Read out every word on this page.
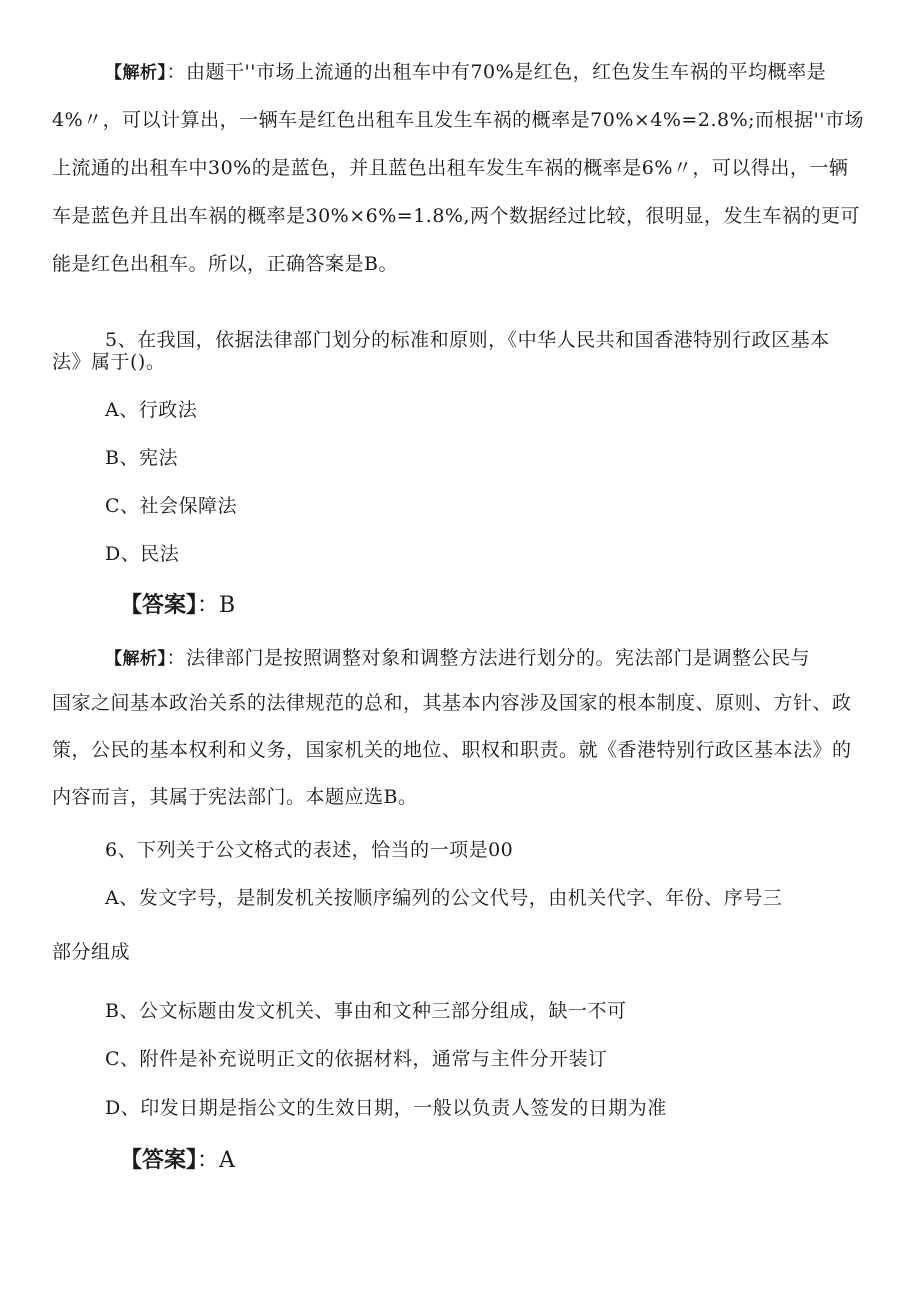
【解析】：由题干''市场上流通的出租车中有70%是红色，红色发生车祸的平均概率是
4%〃，可以计算出，一辆车是红色出租车且发生车祸的概率是70%×4%=2.8%;而根据''市场
上流通的出租车中30%的是蓝色，并且蓝色出租车发生车祸的概率是6%〃，可以得出，一辆
车是蓝色并且出车祸的概率是30%×6%=1.8%,两个数据经过比较，很明显，发生车祸的更可
能是红色出租车。所以，正确答案是B。
5、在我国，依据法律部门划分的标准和原则，《中华人民共和国香港特别行政区基本
法》属于()。
A、行政法
B、宪法
C、社会保障法
D、民法
【答案】：B
【解析】：法律部门是按照调整对象和调整方法进行划分的。宪法部门是调整公民与
国家之间基本政治关系的法律规范的总和，其基本内容涉及国家的根本制度、原则、方针、政
策，公民的基本权利和义务，国家机关的地位、职权和职责。就《香港特别行政区基本法》的
内容而言，其属于宪法部门。本题应选B。
6、下列关于公文格式的表述，恰当的一项是00
A、发文字号，是制发机关按顺序编列的公文代号，由机关代字、年份、序号三
部分组成
B、公文标题由发文机关、事由和文种三部分组成，缺一不可
C、附件是补充说明正文的依据材料，通常与主件分开装订
D、印发日期是指公文的生效日期，一般以负责人签发的日期为准
【答案】：A
